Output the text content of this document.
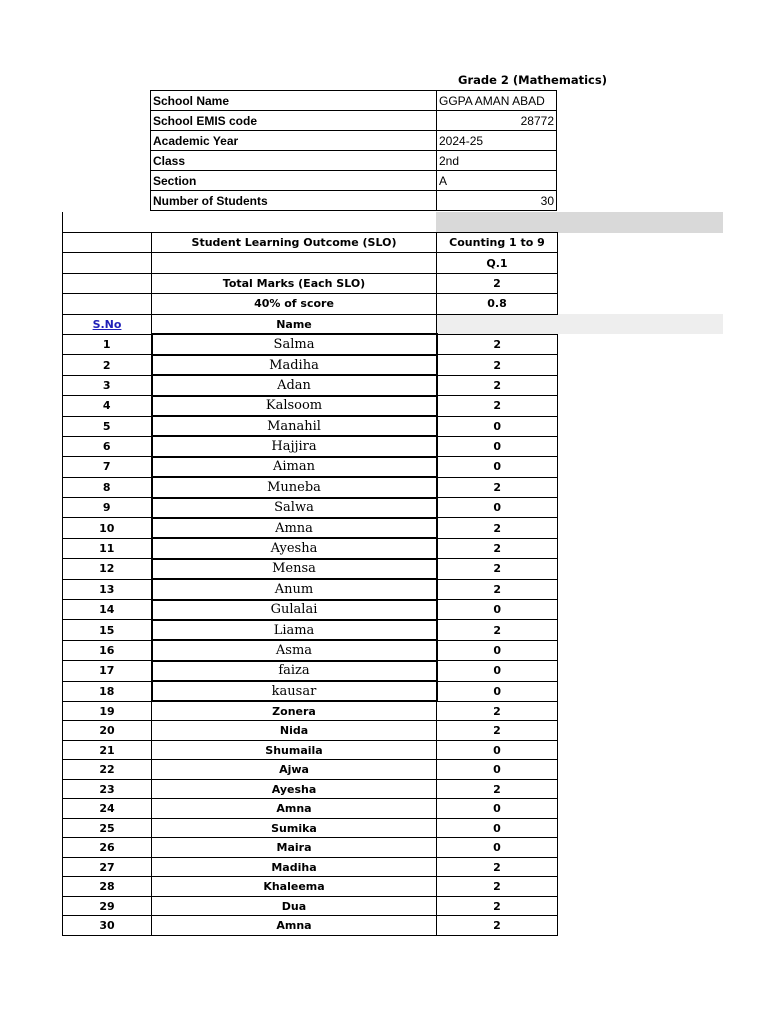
Grade 2 (Mathematics)
School Name	GGPA AMAN ABAD
School EMIS code	28772
Academic Year	2024-25
Class	2nd
Section	A
Number of Students	30
	Student Learning Outcome (SLO)	Counting 1 to 9
		Q.1
	Total Marks (Each SLO)	2
	40% of score	0.8
S.No	Name	
1	Salma	2
2	Madiha	2
3	Adan	2
4	Kalsoom	2
5	Manahil	0
6	Hajjira	0
7	Aiman	0
8	Muneba	2
9	Salwa	0
10	Amna	2
11	Ayesha	2
12	Mensa	2
13	Anum	2
14	Gulalai	0
15	Liama	2
16	Asma	0
17	faiza	0
18	kausar	0
19	Zonera	2
20	Nida	2
21	Shumaila	0
22	Ajwa	0
23	Ayesha	2
24	Amna	0
25	Sumika	0
26	Maira	0
27	Madiha	2
28	Khaleema	2
29	Dua	2
30	Amna	2
